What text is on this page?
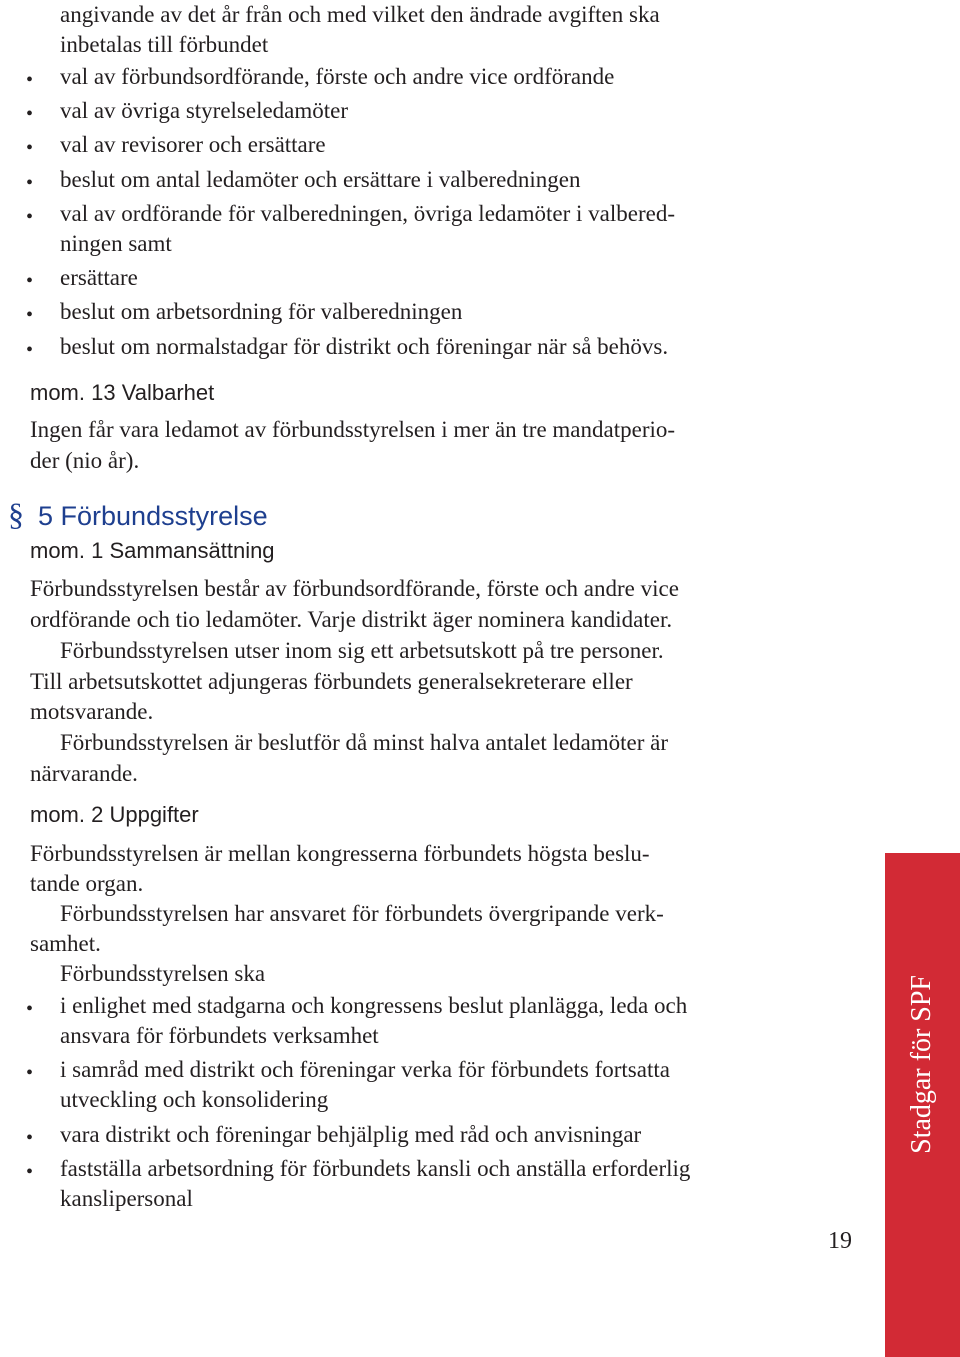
angivande av det år från och med vilket den ändrade avgiften ska
inbetalas till förbundet
• val av förbundsordförande, förste och andre vice ordförande
• val av övriga styrelseledamöter
• val av revisorer och ersättare
• beslut om antal ledamöter och ersättare i valberedningen
• val av ordförande för valberedningen, övriga ledamöter i valbered-
ningen samt
• ersättare
• beslut om arbetsordning för valberedningen
• beslut om normalstadgar för distrikt och föreningar när så behövs.
mom. 13 Valbarhet
Ingen får vara ledamot av förbundsstyrelsen i mer än tre mandatperio-
der (nio år).
§ 5 Förbundsstyrelse
mom. 1 Sammansättning
Förbundsstyrelsen består av förbundsordförande, förste och andre vice
ordförande och tio ledamöter. Varje distrikt äger nominera kandidater.
Förbundsstyrelsen utser inom sig ett arbetsutskott på tre personer.
Till arbetsutskottet adjungeras förbundets generalsekreterare eller
motsvarande.
Förbundsstyrelsen är beslutför då minst halva antalet ledamöter är
närvarande.
mom. 2 Uppgifter
Förbundsstyrelsen är mellan kongresserna förbundets högsta beslu-
tande organ.
Förbundsstyrelsen har ansvaret för förbundets övergripande verk-
samhet.
Förbundsstyrelsen ska
• i enlighet med stadgarna och kongressens beslut planlägga, leda och
ansvara för förbundets verksamhet
• i samråd med distrikt och föreningar verka för förbundets fortsatta
utveckling och konsolidering
• vara distrikt och föreningar behjälplig med råd och anvisningar
• fastställa arbetsordning för förbundets kansli och anställa erforderlig
kanslipersonal
19
Stadgar för SPF
